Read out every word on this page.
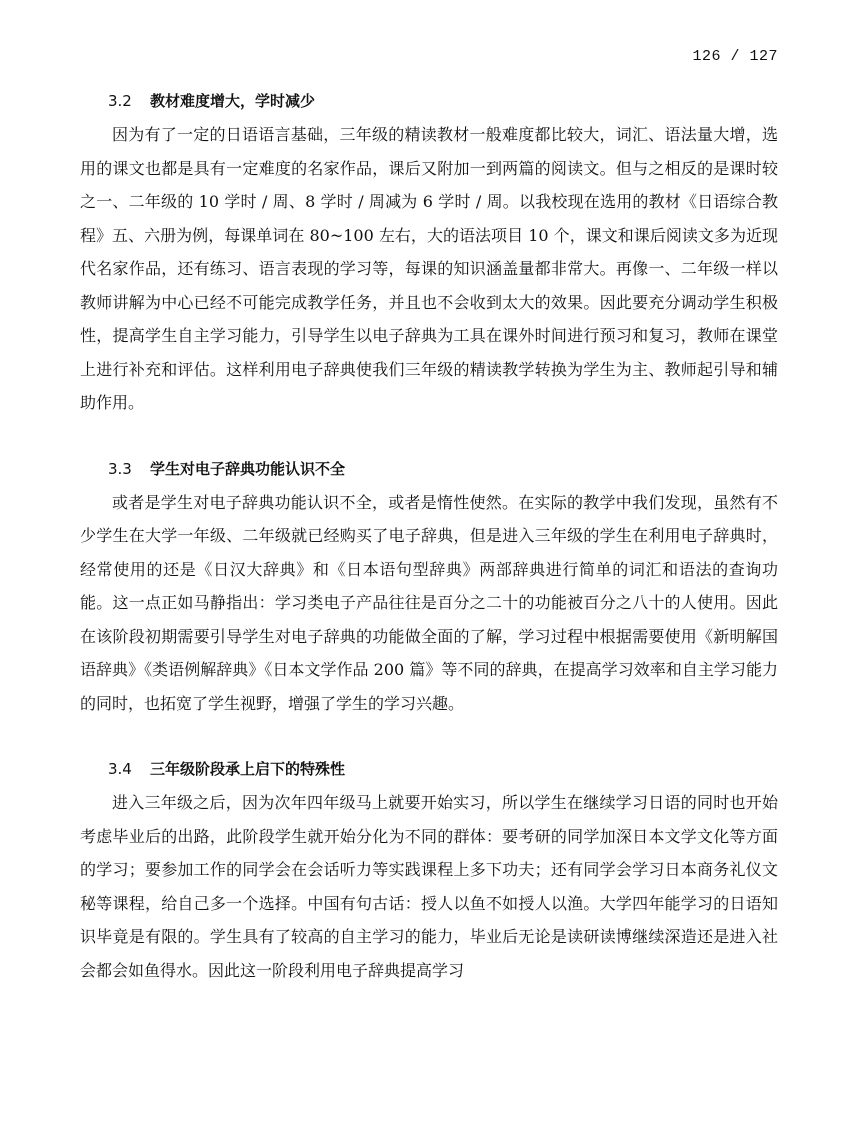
126 / 127
3.2	教材难度增大，学时减少

因为有了一定的日语语言基础，三年级的精读教材一般难度都比较大，词汇、语法量大增，选用的课文也都是具有一定难度的名家作品，课后又附加一到两篇的阅读文。但与之相反的是课时较之一、二年级的 10 学时 / 周、8 学时 / 周减为 6 学时 / 周。以我校现在选用的教材《日语综合教程》五、六册为例，每课单词在 80~100 左右，大的语法项目 10 个，课文和课后阅读文多为近现代名家作品，还有练习、语言表现的学习等，每课的知识涵盖量都非常大。再像一、二年级一样以教师讲解为中心已经不可能完成教学任务，并且也不会收到太大的效果。因此要充分调动学生积极性，提高学生自主学习能力，引导学生以电子辞典为工具在课外时间进行预习和复习，教师在课堂上进行补充和评估。这样利用电子辞典使我们三年级的精读教学转换为学生为主、教师起引导和辅助作用。

3.3	学生对电子辞典功能认识不全

或者是学生对电子辞典功能认识不全，或者是惰性使然。在实际的教学中我们发现，虽然有不少学生在大学一年级、二年级就已经购买了电子辞典，但是进入三年级的学生在利用电子辞典时，经常使用的还是《日汉大辞典》和《日本语句型辞典》两部辞典进行简单的词汇和语法的查询功能。这一点正如马静指出：学习类电子产品往往是百分之二十的功能被百分之八十的人使用。因此在该阶段初期需要引导学生对电子辞典的功能做全面的了解，学习过程中根据需要使用《新明解国语辞典》《类语例解辞典》《日本文学作品 200 篇》等不同的辞典，在提高学习效率和自主学习能力的同时，也拓宽了学生视野，增强了学生的学习兴趣。

3.4	三年级阶段承上启下的特殊性

进入三年级之后，因为次年四年级马上就要开始实习，所以学生在继续学习日语的同时也开始考虑毕业后的出路，此阶段学生就开始分化为不同的群体：要考研的同学加深日本文学文化等方面的学习；要参加工作的同学会在会话听力等实践课程上多下功夫；还有同学会学习日本商务礼仪文秘等课程，给自己多一个选择。中国有句古话：授人以鱼不如授人以渔。大学四年能学习的日语知识毕竟是有限的。学生具有了较高的自主学习的能力，毕业后无论是读研读博继续深造还是进入社会都会如鱼得水。因此这一阶段利用电子辞典提高学习
